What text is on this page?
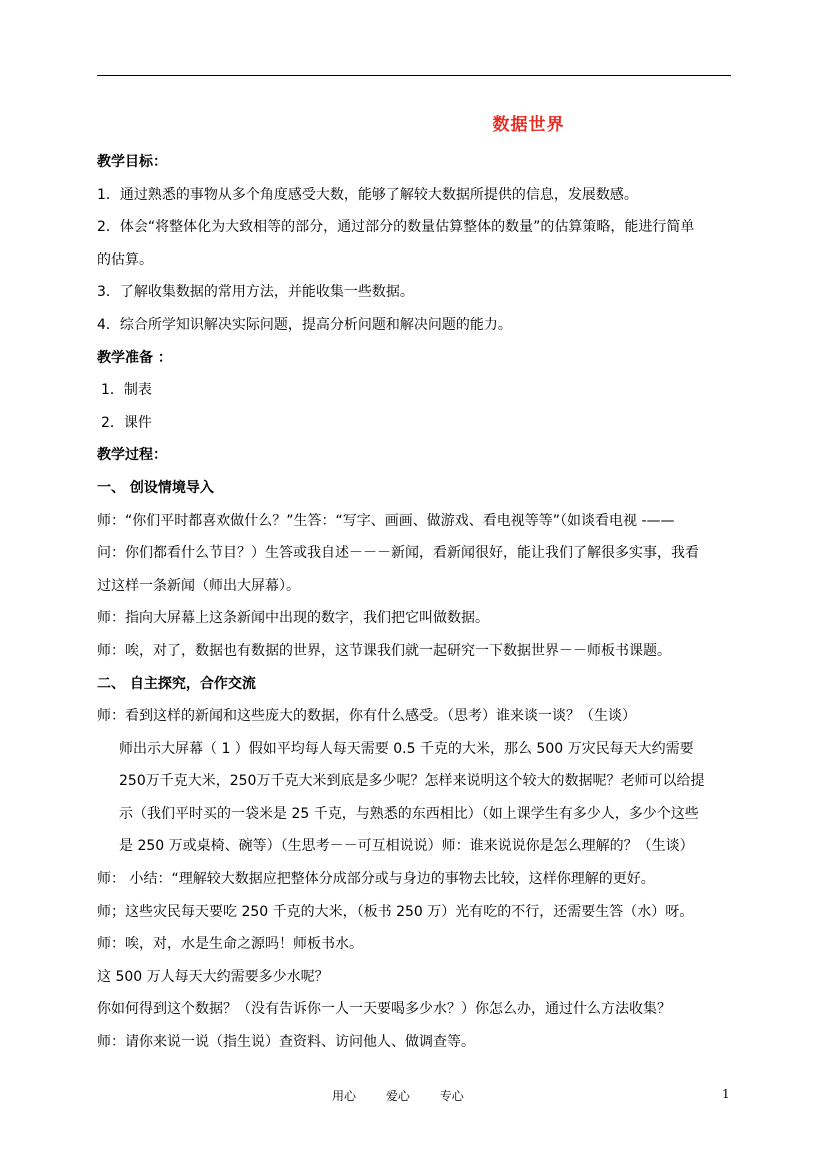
数据世界
教学目标：
1．通过熟悉的事物从多个角度感受大数，能够了解较大数据所提供的信息，发展数感。
2．体会“将整体化为大致相等的部分，通过部分的数量估算整体的数量”的估算策略，能进行简单
的估算。
3．了解收集数据的常用方法，并能收集一些数据。
4．综合所学知识解决实际问题，提高分析问题和解决问题的能力。
教学准备 ：
1．制表
2．课件
教学过程：
一、 创设情境导入
师：“你们平时都喜欢做什么？”生答：“写字、画画、做游戏、看电视等等”（如谈看电视 -——
问：你们都看什么节目？）生答或我自述－－－新闻，看新闻很好，能让我们了解很多实事，我看
过这样一条新闻（师出大屏幕）。
师：指向大屏幕上这条新闻中出现的数字，我们把它叫做数据。
师：唉，对了，数据也有数据的世界，这节课我们就一起研究一下数据世界－－师板书课题。
二、 自主探究，合作交流
师：看到这样的新闻和这些庞大的数据，你有什么感受。（思考）谁来谈一谈？（生谈）
师出示大屏幕（ 1 ）假如平均每人每天需要 0.5 千克的大米，那么 500 万灾民每天大约需要
250万千克大米，250万千克大米到底是多少呢？怎样来说明这个较大的数据呢？老师可以给提
示（我们平时买的一袋米是 25 千克，与熟悉的东西相比）（如上课学生有多少人，多少个这些
是 250 万或桌椅、碗等）（生思考－－可互相说说）师：谁来说说你是怎么理解的？（生谈）
师： 小结：“理解较大数据应把整体分成部分或与身边的事物去比较，这样你理解的更好。
师；这些灾民每天要吃 250 千克的大米，（板书 250 万）光有吃的不行，还需要生答（水）呀。
师：唉，对，水是生命之源吗！师板书水。
这 500 万人每天大约需要多少水呢？
你如何得到这个数据？（没有告诉你一人一天要喝多少水？）你怎么办，通过什么方法收集？
师：请你来说一说（指生说）查资料、访问他人、做调查等。
用心 爱心 专心	1
